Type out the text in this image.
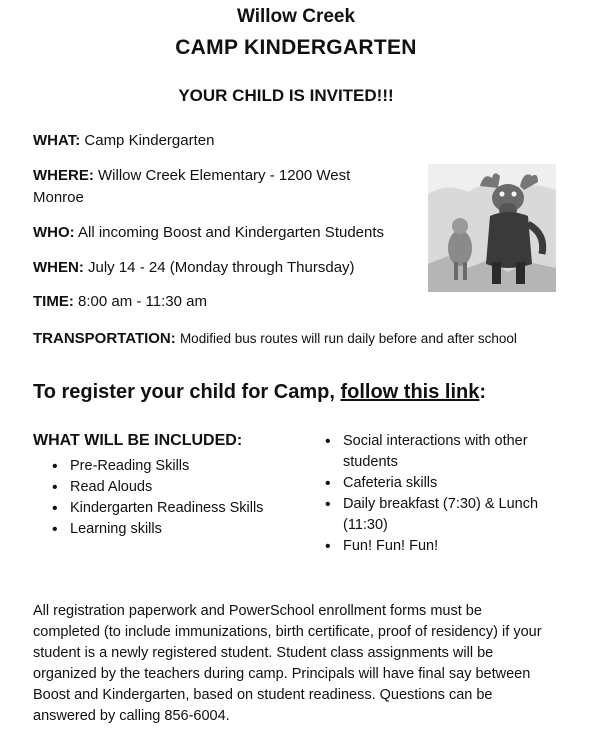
Willow Creek
CAMP KINDERGARTEN
YOUR CHILD IS INVITED!!!
WHAT: Camp Kindergarten
WHERE: Willow Creek Elementary - 1200 West Monroe
WHO: All incoming Boost and Kindergarten Students
WHEN: July 14 - 24 (Monday through Thursday)
TIME: 8:00 am - 11:30 am
TRANSPORTATION: Modified bus routes will run daily before and after school
To register your child for Camp, follow this link:
WHAT WILL BE INCLUDED:
• Pre-Reading Skills
• Read Alouds
• Kindergarten Readiness Skills
• Learning skills
• Social interactions with other students
• Cafeteria skills
• Daily breakfast (7:30) & Lunch (11:30)
• Fun! Fun! Fun!
All registration paperwork and PowerSchool enrollment forms must be completed (to include immunizations, birth certificate, proof of residency) if your student is a newly registered student. Student class assignments will be organized by the teachers during camp. Principals will have final say between Boost and Kindergarten, based on student readiness. Questions can be answered by calling 856-6004.
